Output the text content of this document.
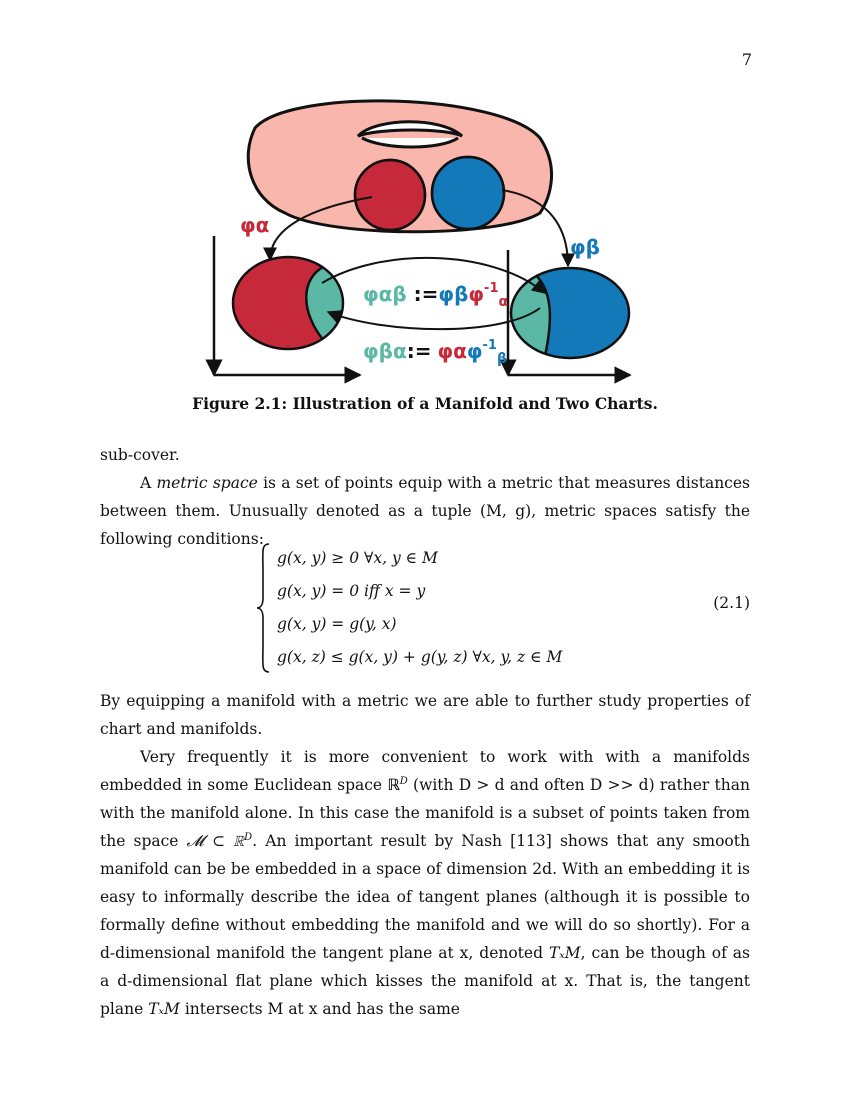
7
φα
φβ
φαβ :=φβφ$^{-1}_\alpha$
φβα:= φαφ$^{-1}_\beta$
Figure 2.1: Illustration of a Manifold and Two Charts.

sub-cover.

A metric space is a set of points equip with a metric that measures distances between them. Unusually denoted as a tuple (M, g), metric spaces satisfy the following conditions:

g(x, y) ≥ 0 ∀x, y ∈ M
g(x, y) = 0 iff x = y
g(x, y) = g(y, x)
g(x, z) ≤ g(x, y) + g(y, z) ∀x, y, z ∈ M
(2.1)

By equipping a manifold with a metric we are able to further study properties of chart and manifolds.

Very frequently it is more convenient to work with with a manifolds embedded in some Euclidean space ℝ$^D$ (with D > d and often D >> d) rather than with the manifold alone. In this case the manifold is a subset of points taken from the space 𝓜 ⊂ ℝ$^D$. An important result by Nash [113] shows that any smooth manifold can be be embedded in a space of dimension 2d. With an embedding it is easy to informally describe the idea of tangent planes (although it is possible to formally define without embedding the manifold and we will do so shortly). For a d-dimensional manifold the tangent plane at x, denoted TₓM, can be though of as a d-dimensional flat plane which kisses the manifold at x. That is, the tangent plane TₓM intersects M at x and has the same
